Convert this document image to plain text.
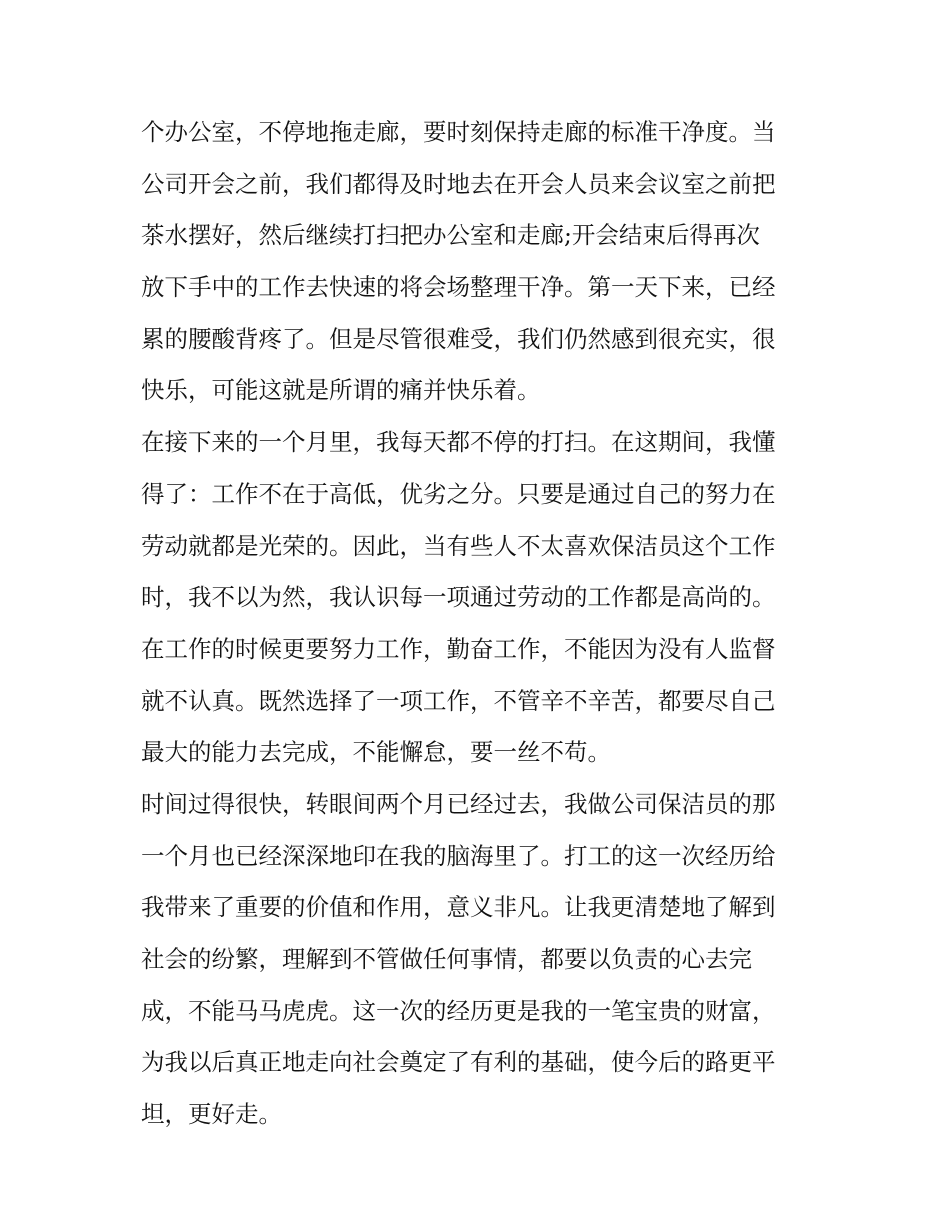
个办公室，不停地拖走廊，要时刻保持走廊的标准干净度。当
公司开会之前，我们都得及时地去在开会人员来会议室之前把
茶水摆好，然后继续打扫把办公室和走廊;开会结束后得再次
放下手中的工作去快速的将会场整理干净。第一天下来，已经
累的腰酸背疼了。但是尽管很难受，我们仍然感到很充实，很
快乐，可能这就是所谓的痛并快乐着。
在接下来的一个月里，我每天都不停的打扫。在这期间，我懂
得了：工作不在于高低，优劣之分。只要是通过自己的努力在
劳动就都是光荣的。因此，当有些人不太喜欢保洁员这个工作
时，我不以为然，我认识每一项通过劳动的工作都是高尚的。
在工作的时候更要努力工作，勤奋工作，不能因为没有人监督
就不认真。既然选择了一项工作，不管辛不辛苦，都要尽自己
最大的能力去完成，不能懈怠，要一丝不苟。
时间过得很快，转眼间两个月已经过去，我做公司保洁员的那
一个月也已经深深地印在我的脑海里了。打工的这一次经历给
我带来了重要的价值和作用，意义非凡。让我更清楚地了解到
社会的纷繁，理解到不管做任何事情，都要以负责的心去完
成，不能马马虎虎。这一次的经历更是我的一笔宝贵的财富，
为我以后真正地走向社会奠定了有利的基础，使今后的路更平
坦，更好走。
